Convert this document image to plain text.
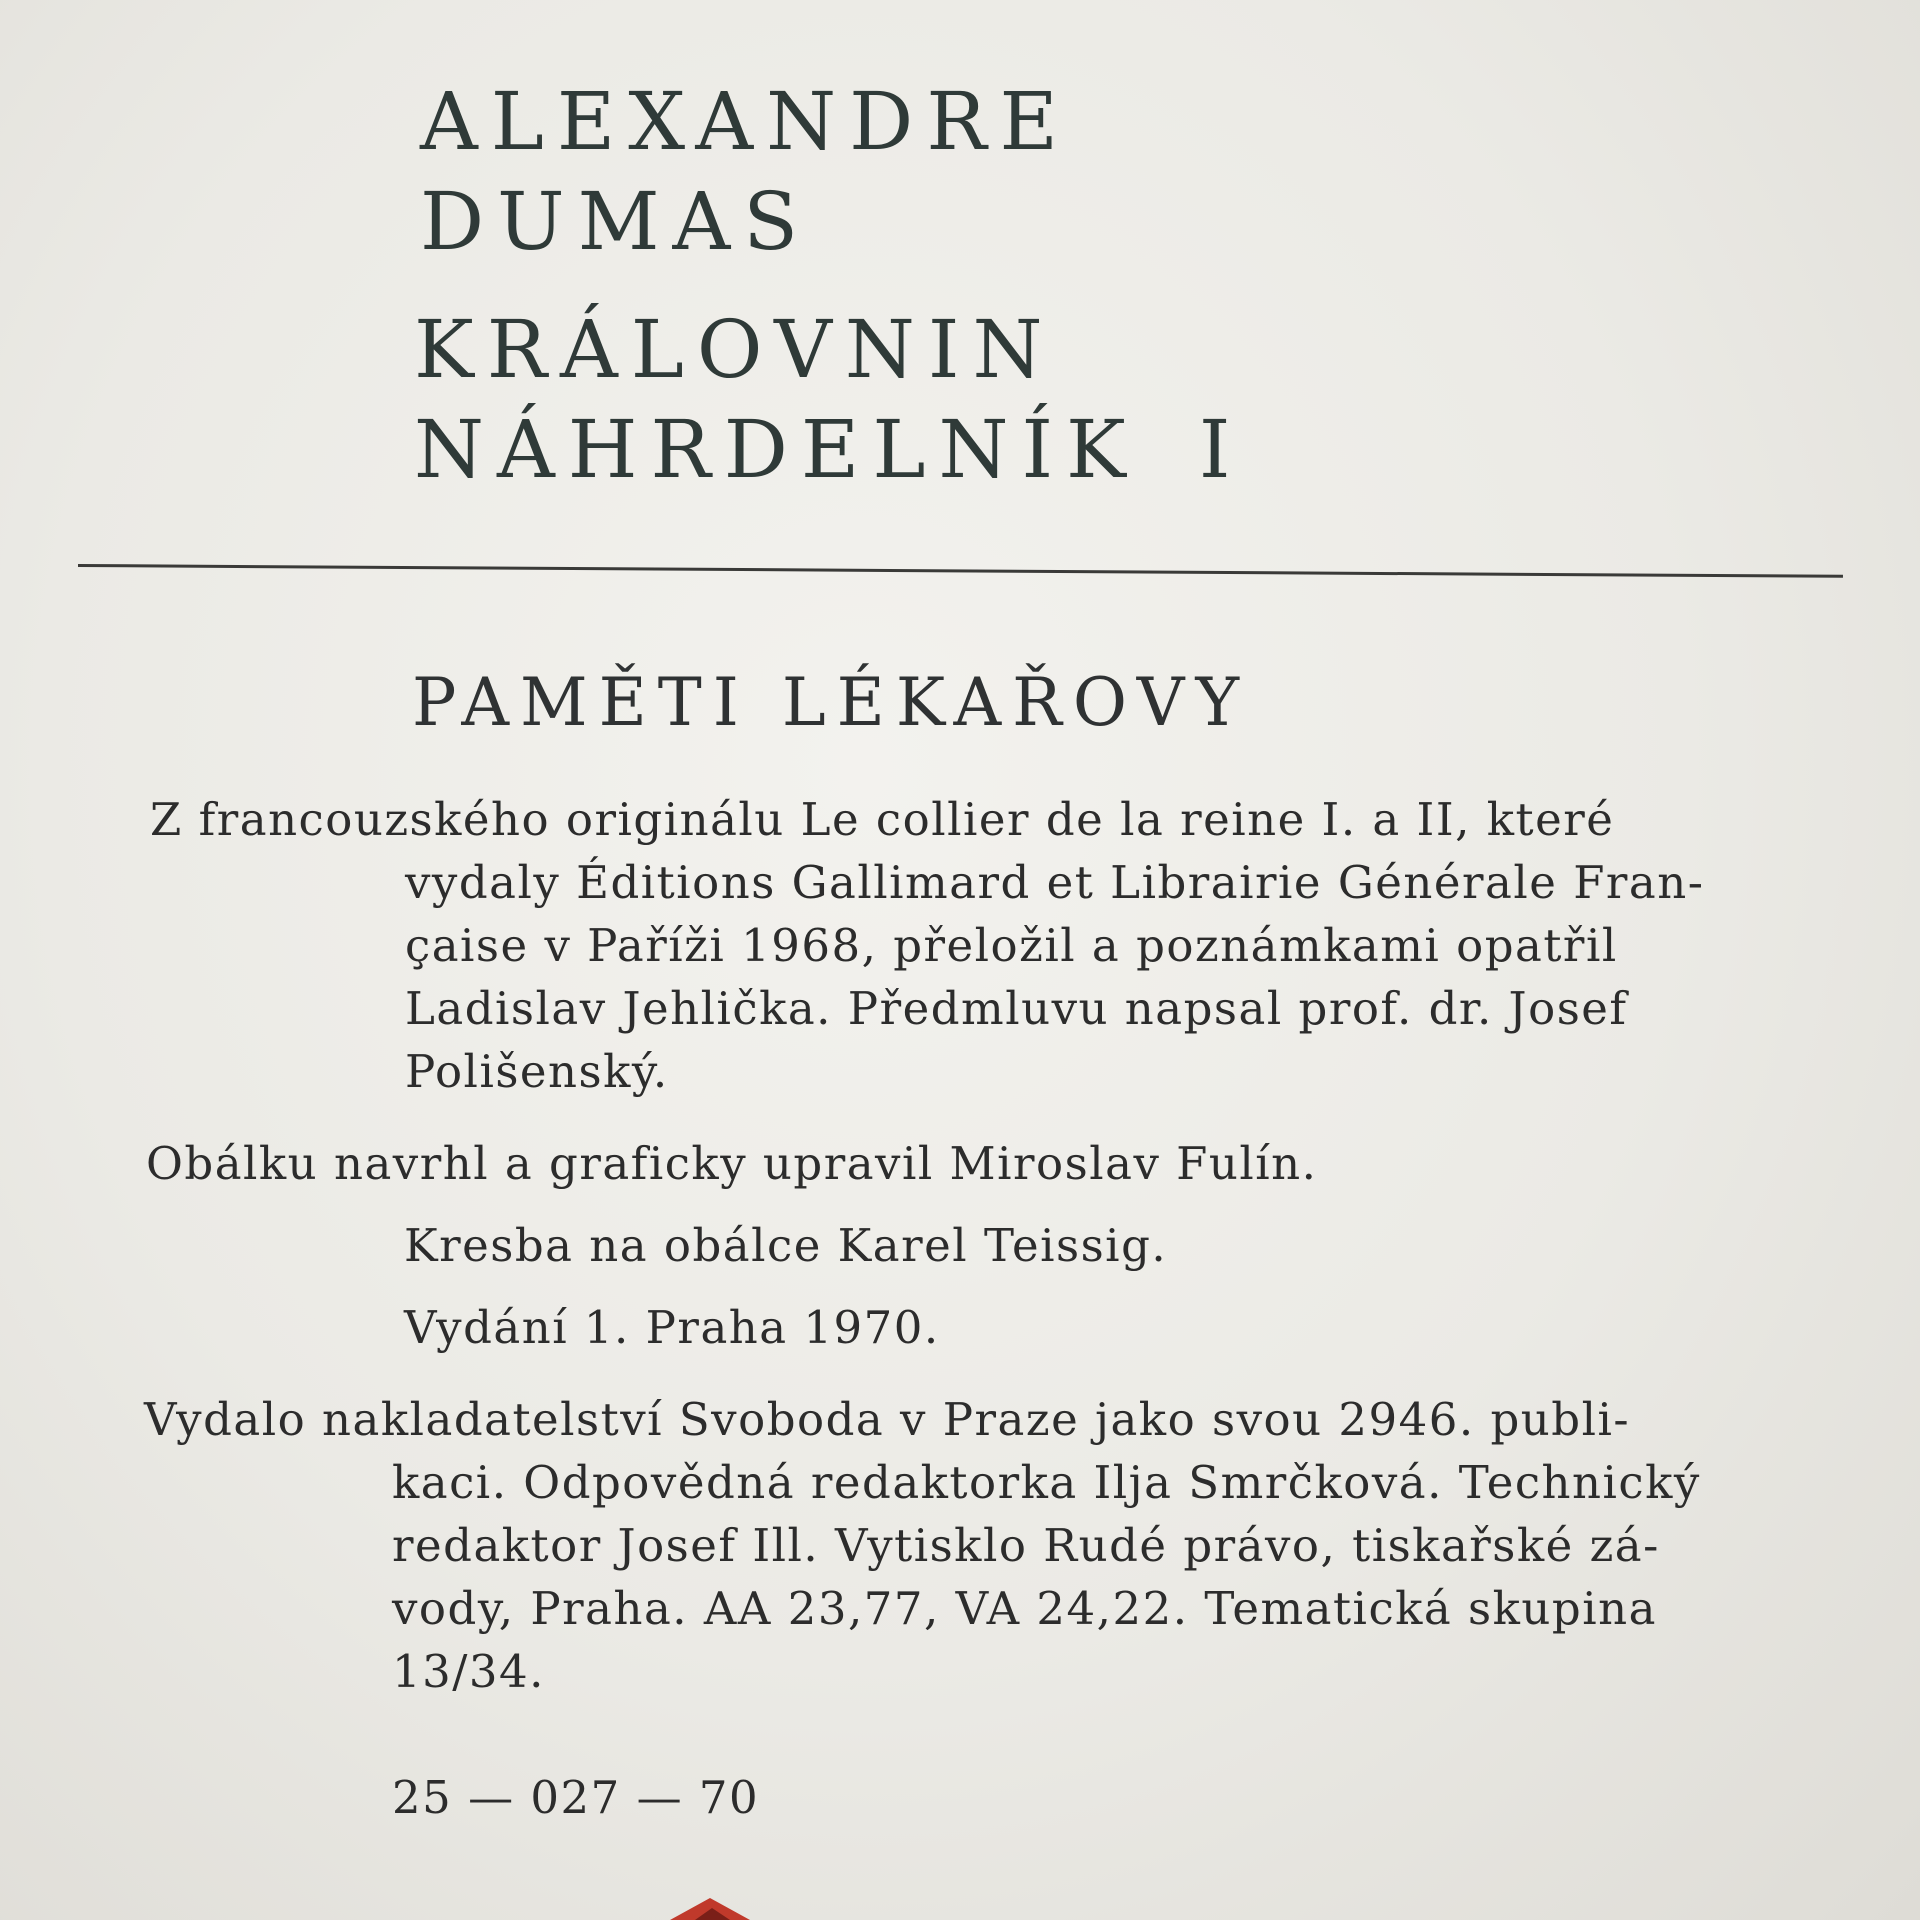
ALEXANDRE
DUMAS
KRÁLOVNIN
NÁHRDELNÍK I
PAMĚTI LÉKAŘOVY

Z francouzského originálu Le collier de la reine I. a II, které
vydaly Éditions Gallimard et Librairie Générale Fran-
çaise v Paříži 1968, přeložil a poznámkami opatřil
Ladislav Jehlička. Předmluvu napsal prof. dr. Josef
Polišenský.

Obálku navrhl a graficky upravil Miroslav Fulín.

Kresba na obálce Karel Teissig.

Vydání 1. Praha 1970.

Vydalo nakladatelství Svoboda v Praze jako svou 2946. publi-
kaci. Odpovědná redaktorka Ilja Smrčková. Technický
redaktor Josef Ill. Vytisklo Rudé právo, tiskařské zá-
vody, Praha. AA 23,77, VA 24,22. Tematická skupina
13/34.

25 — 027 — 70
